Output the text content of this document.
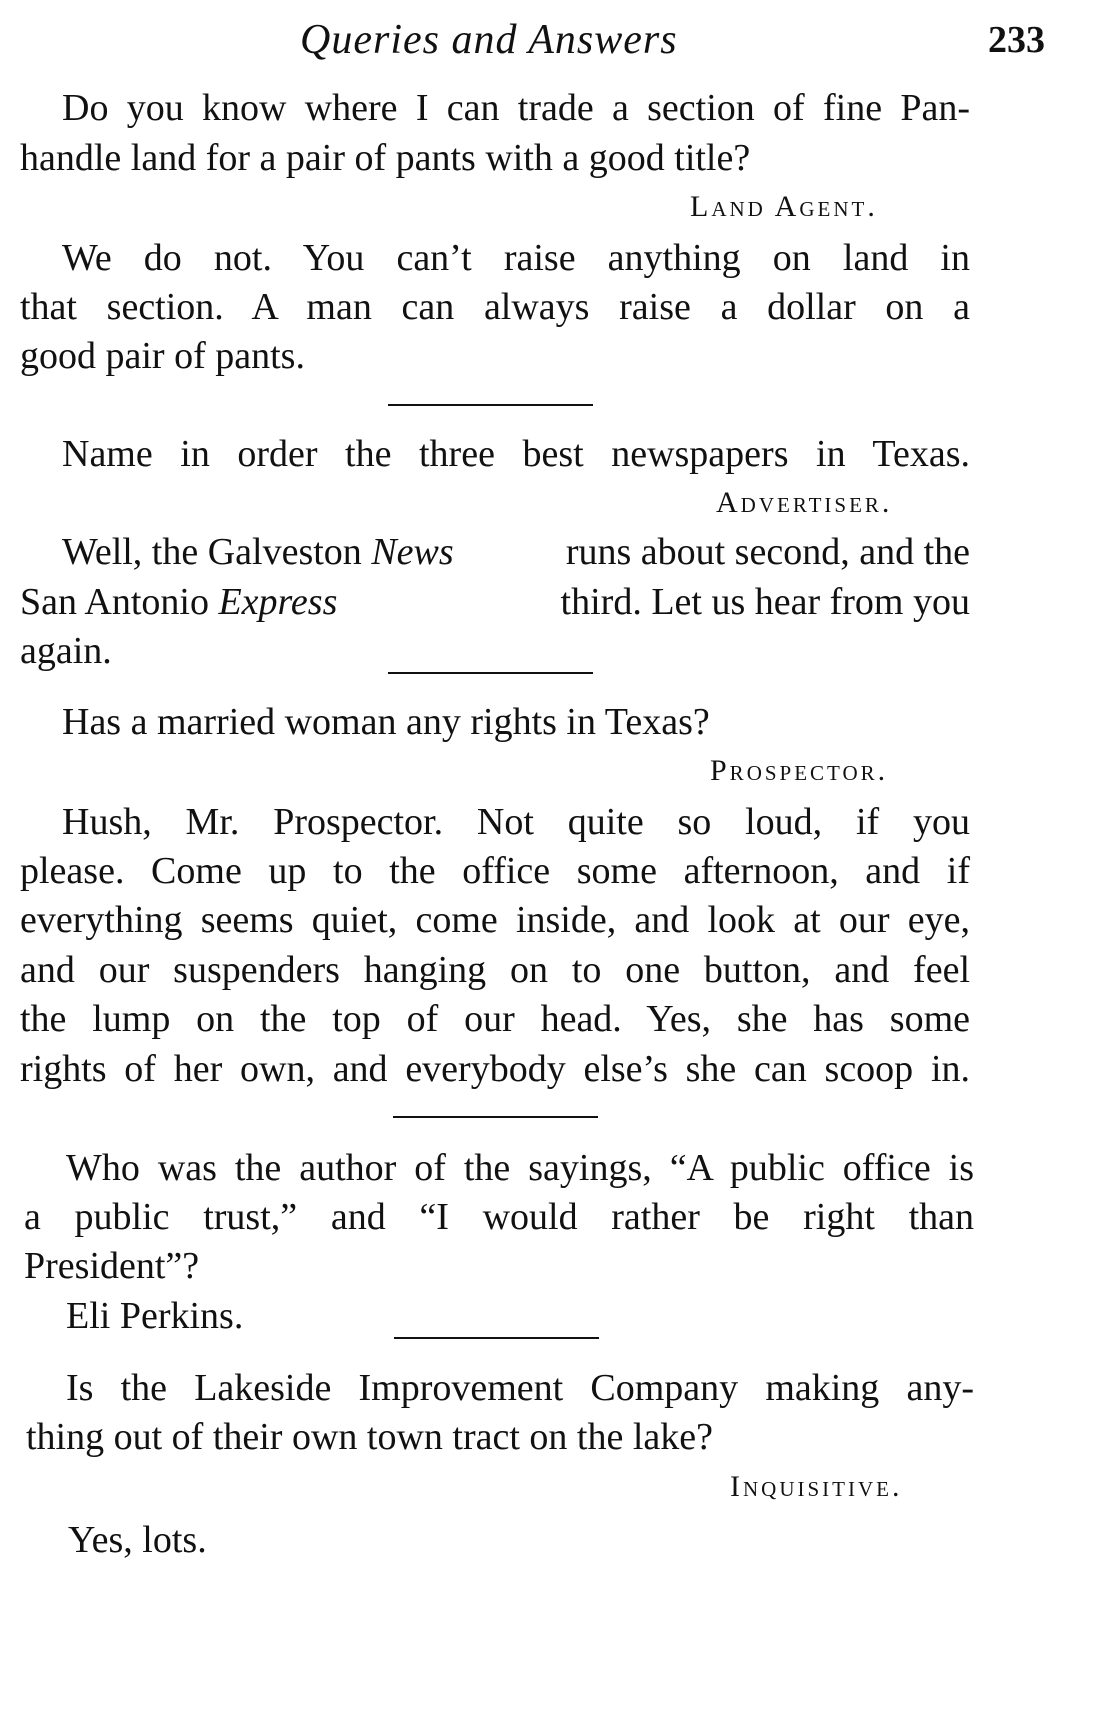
Queries and Answers	233
Do you know where I can trade a section of fine Pan-
handle land for a pair of pants with a good title?
Land Agent.
We do not. You can’t raise anything on land in
that section. A man can always raise a dollar on a
good pair of pants.
Name in order the three best newspapers in Texas.
Advertiser.
Well, the Galveston News	runs about second, and the
San Antonio Express	third. Let us hear from you
again.
Has a married woman any rights in Texas?
Prospector.
Hush, Mr. Prospector. Not quite so loud, if you
please. Come up to the office some afternoon, and if
everything seems quiet, come inside, and look at our eye,
and our suspenders hanging on to one button, and feel
the lump on the top of our head. Yes, she has some
rights of her own, and everybody else’s she can scoop in.
Who was the author of the sayings, “A public office is
a public trust,” and “I would rather be right than
President”?
Eli Perkins.
Is the Lakeside Improvement Company making any-
thing out of their own town tract on the lake?
Inquisitive.
Yes, lots.
